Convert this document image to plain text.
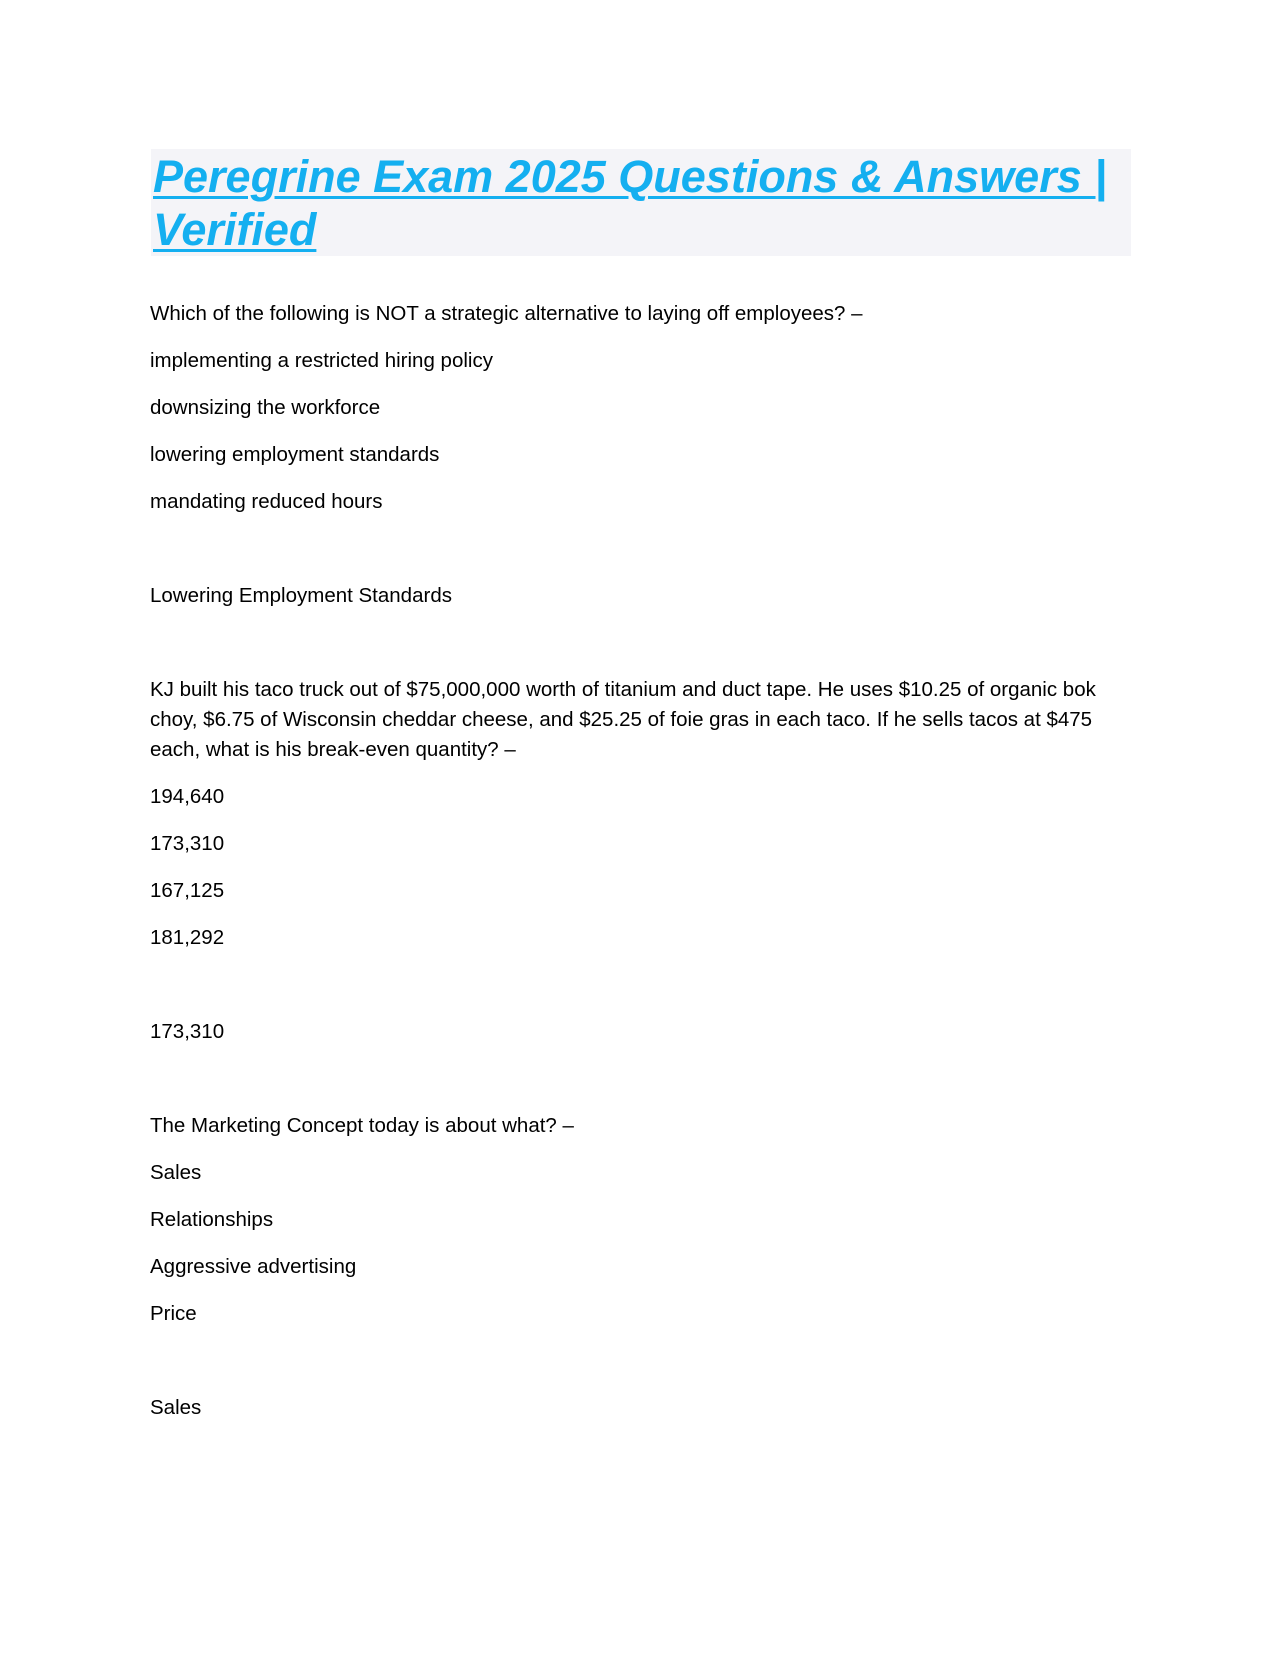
Peregrine Exam 2025 Questions & Answers | Verified

Which of the following is NOT a strategic alternative to laying off employees? –

implementing a restricted hiring policy

downsizing the workforce

lowering employment standards

mandating reduced hours

Lowering Employment Standards

KJ built his taco truck out of $75,000,000 worth of titanium and duct tape. He uses $10.25 of organic bok choy, $6.75 of Wisconsin cheddar cheese, and $25.25 of foie gras in each taco. If he sells tacos at $475 each, what is his break-even quantity? –

194,640

173,310

167,125

181,292

173,310

The Marketing Concept today is about what? –

Sales

Relationships

Aggressive advertising

Price

Sales
